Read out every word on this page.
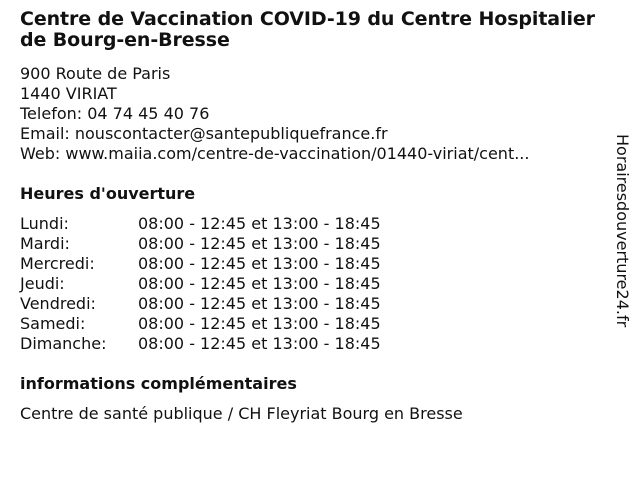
Centre de Vaccination COVID-19 du Centre Hospitalier de Bourg-en-Bresse
900 Route de Paris
1440 VIRIAT
Telefon: 04 74 45 40 76
Email: nouscontacter@santepubliquefrance.fr
Web: www.maiia.com/centre-de-vaccination/01440-viriat/cent...
Heures d'ouverture
Lundi:	08:00 - 12:45 et 13:00 - 18:45
Mardi:	08:00 - 12:45 et 13:00 - 18:45
Mercredi:	08:00 - 12:45 et 13:00 - 18:45
Jeudi:	08:00 - 12:45 et 13:00 - 18:45
Vendredi:	08:00 - 12:45 et 13:00 - 18:45
Samedi:	08:00 - 12:45 et 13:00 - 18:45
Dimanche: 08:00 - 12:45 et 13:00 - 18:45
informations complémentaires
Centre de santé publique / CH Fleyriat Bourg en Bresse
Horairesdouverture24.fr
